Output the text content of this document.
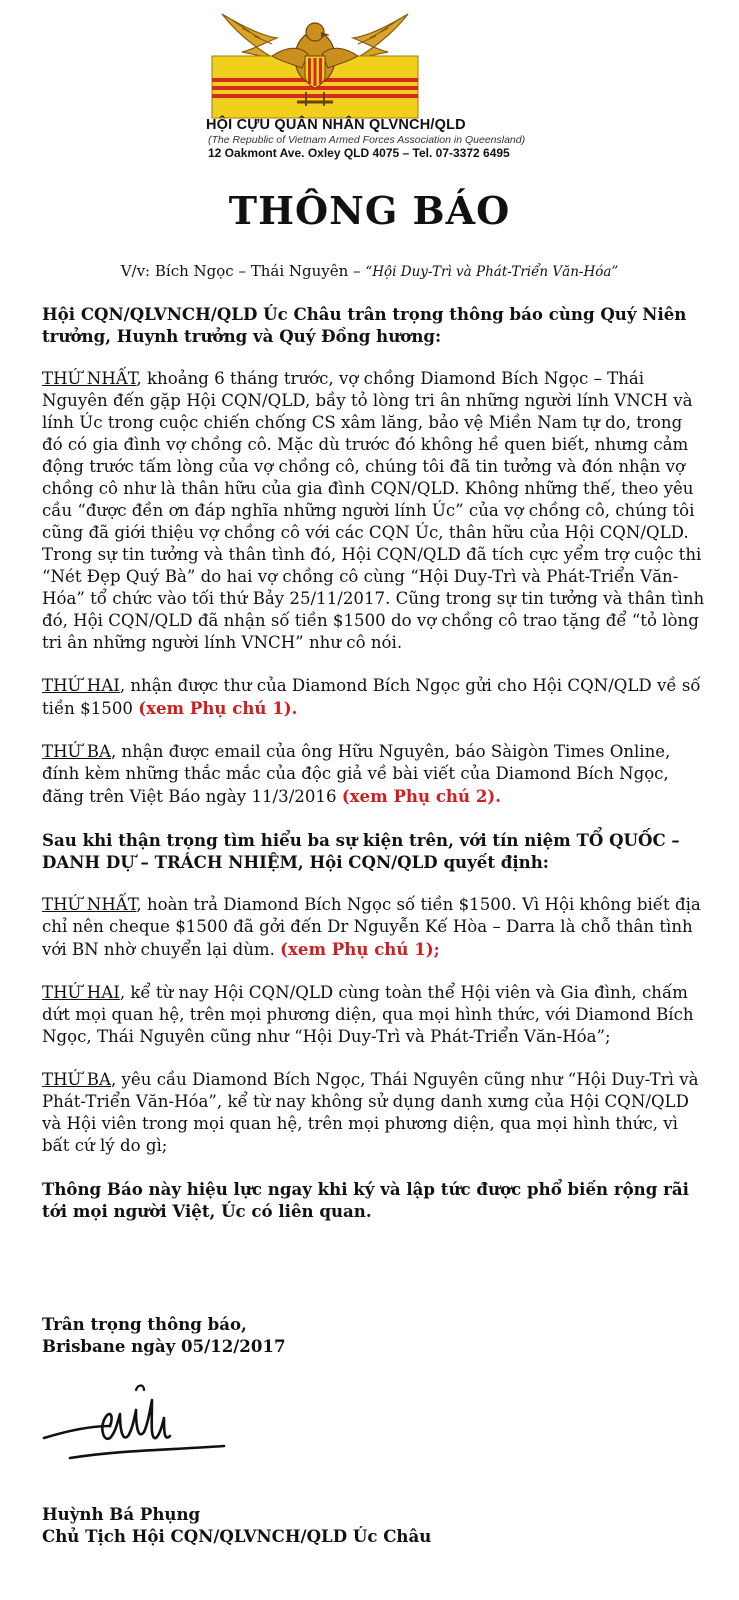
HỘI CỰU QUÂN NHÂN QLVNCH/QLD
(The Republic of Vietnam Armed Forces Association in Queensland)
12 Oakmont Ave. Oxley QLD 4075 – Tel. 07-3372 6495
THÔNG BÁO
V/v: Bích Ngọc – Thái Nguyên – “Hội Duy-Trì và Phát-Triển Văn-Hóa”

Hội CQN/QLVNCH/QLD Úc Châu trân trọng thông báo cùng Quý Niên trưởng, Huynh trưởng và Quý Đồng hương:

THỨ NHẤT, khoảng 6 tháng trước, vợ chồng Diamond Bích Ngọc – Thái Nguyên đến gặp Hội CQN/QLD, bầy tỏ lòng tri ân những người lính VNCH và lính Úc trong cuộc chiến chống CS xâm lăng, bảo vệ Miền Nam tự do, trong đó có gia đình vợ chồng cô. Mặc dù trước đó không hề quen biết, nhưng cảm động trước tấm lòng của vợ chồng cô, chúng tôi đã tin tưởng và đón nhận vợ chồng cô như là thân hữu của gia đình CQN/QLD. Không những thế, theo yêu cầu “được đền ơn đáp nghĩa những người lính Úc” của vợ chồng cô, chúng tôi cũng đã giới thiệu vợ chồng cô với các CQN Úc, thân hữu của Hội CQN/QLD. Trong sự tin tưởng và thân tình đó, Hội CQN/QLD đã tích cực yểm trợ cuộc thi “Nét Đẹp Quý Bà” do hai vợ chồng cô cùng “Hội Duy-Trì và Phát-Triển Văn-Hóa” tổ chức vào tối thứ Bảy 25/11/2017. Cũng trong sự tin tưởng và thân tình đó, Hội CQN/QLD đã nhận số tiền $1500 do vợ chồng cô trao tặng để “tỏ lòng tri ân những người lính VNCH” như cô nói.

THỨ HAI, nhận được thư của Diamond Bích Ngọc gửi cho Hội CQN/QLD về số tiền $1500 (xem Phụ chú 1).

THỨ BA, nhận được email của ông Hữu Nguyên, báo Sàigòn Times Online, đính kèm những thắc mắc của độc giả về bài viết của Diamond Bích Ngọc, đăng trên Việt Báo ngày 11/3/2016 (xem Phụ chú 2).

Sau khi thận trọng tìm hiểu ba sự kiện trên, với tín niệm TỔ QUỐC – DANH DỰ – TRÁCH NHIỆM, Hội CQN/QLD quyết định:

THỨ NHẤT, hoàn trả Diamond Bích Ngọc số tiền $1500. Vì Hội không biết địa chỉ nên cheque $1500 đã gởi đến Dr Nguyễn Kế Hòa – Darra là chỗ thân tình với BN nhờ chuyển lại dùm. (xem Phụ chú 1);

THỨ HAI, kể từ nay Hội CQN/QLD cùng toàn thể Hội viên và Gia đình, chấm dứt mọi quan hệ, trên mọi phương diện, qua mọi hình thức, với Diamond Bích Ngọc, Thái Nguyên cũng như “Hội Duy-Trì và Phát-Triển Văn-Hóa”;

THỨ BA, yêu cầu Diamond Bích Ngọc, Thái Nguyên cũng như “Hội Duy-Trì và Phát-Triển Văn-Hóa”, kể từ nay không sử dụng danh xưng của Hội CQN/QLD và Hội viên trong mọi quan hệ, trên mọi phương diện, qua mọi hình thức, vì bất cứ lý do gì;

Thông Báo này hiệu lực ngay khi ký và lập tức được phổ biến rộng rãi tới mọi người Việt, Úc có liên quan.

Trân trọng thông báo,
Brisbane ngày 05/12/2017
Huỳnh Bá Phụng
Chủ Tịch Hội CQN/QLVNCH/QLD Úc Châu
